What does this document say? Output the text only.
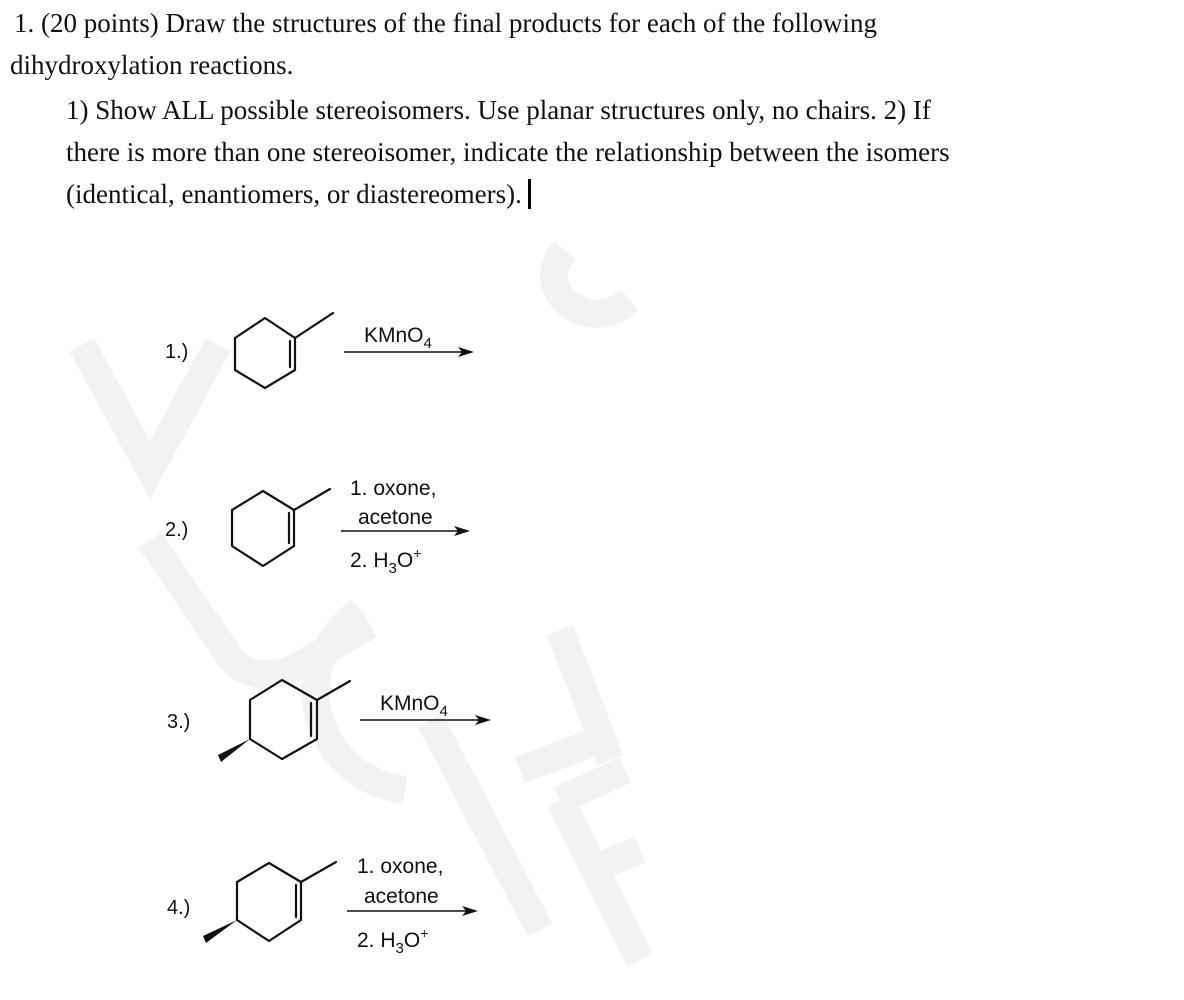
1. (20 points) Draw the structures of the final products for each of the following
dihydroxylation reactions.
1) Show ALL possible stereoisomers. Use planar structures only, no chairs. 2) If
there is more than one stereoisomer, indicate the relationship between the isomers
(identical, enantiomers, or diastereomers).
1.)
2.)
3.)
4.)
KMnO$_4$
1. oxone,
acetone
2. $H_3O^+$
KMnO$_4$
1. oxone,
acetone
2. $H_3O^+$
